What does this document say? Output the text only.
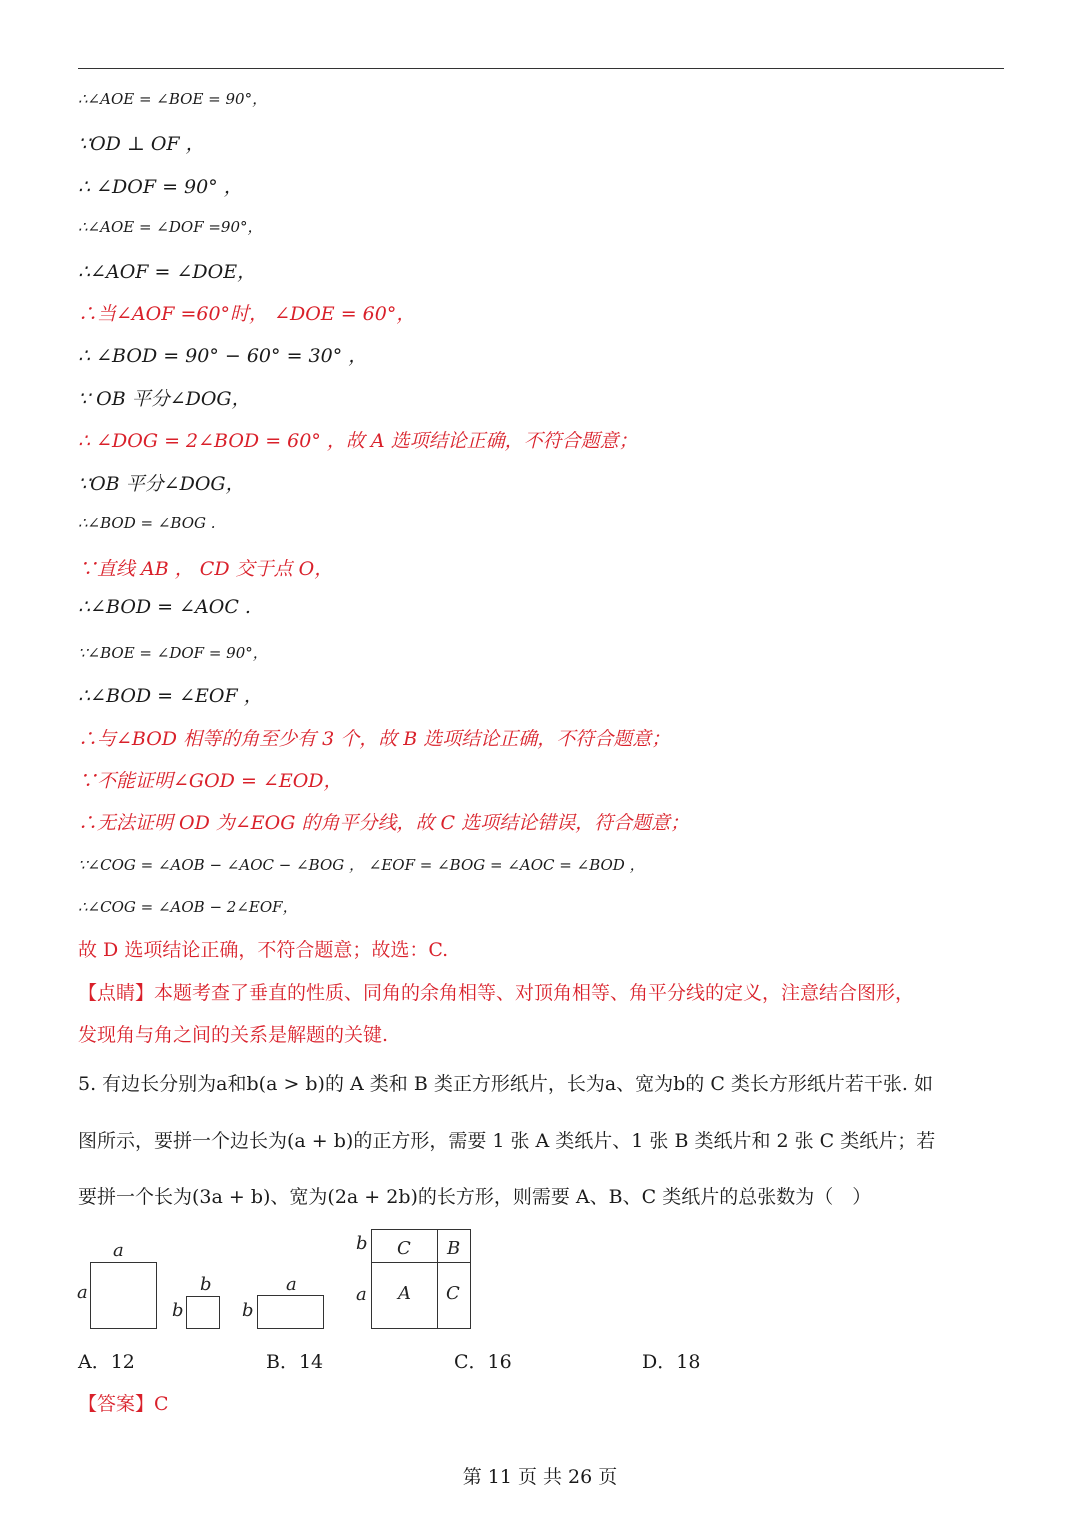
∴∠AOE = ∠BOE = 90°，
∵OD ⊥ OF ，
∴ ∠DOF = 90° ，
∴∠AOE = ∠DOF =90°，
∴∠AOF = ∠DOE，
∴当∠AOF =60°时， ∠DOE = 60°，
∴ ∠BOD = 90° − 60° = 30° ，
∵ OB 平分∠DOG，
∴ ∠DOG = 2∠BOD = 60° ，故 A 选项结论正确，不符合题意；
∵OB 平分∠DOG，
∴∠BOD = ∠BOG .
∵直线 AB ， CD 交于点 O，
∴∠BOD = ∠AOC .
∵∠BOE = ∠DOF = 90°，
∴∠BOD = ∠EOF ，
∴与∠BOD 相等的角至少有 3 个，故 B 选项结论正确，不符合题意；
∵不能证明∠GOD = ∠EOD，
∴无法证明 OD 为∠EOG 的角平分线，故 C 选项结论错误，符合题意；
∵∠COG = ∠AOB − ∠AOC − ∠BOG ， ∠EOF = ∠BOG = ∠AOC = ∠BOD ，
∴∠COG = ∠AOB − 2∠EOF，
故 D 选项结论正确，不符合题意；故选：C.
【点睛】本题考查了垂直的性质、同角的余角相等、对顶角相等、角平分线的定义，注意结合图形，
发现角与角之间的关系是解题的关键.
5. 有边长分别为a和b(a > b)的 A 类和 B 类正方形纸片，长为a、宽为b的 C 类长方形纸片若干张. 如
图所示，要拼一个边长为(a + b)的正方形，需要 1 张 A 类纸片、1 张 B 类纸片和 2 张 C 类纸片；若
要拼一个长为(3a + b)、宽为(2a + 2b)的长方形，则需要 A、B、C 类纸片的总张数为（　）
a
a	b
b
a
b
b
a
C B
A C
A．12	B．14	C．16	D．18
【答案】C
第 11 页 共 26 页
